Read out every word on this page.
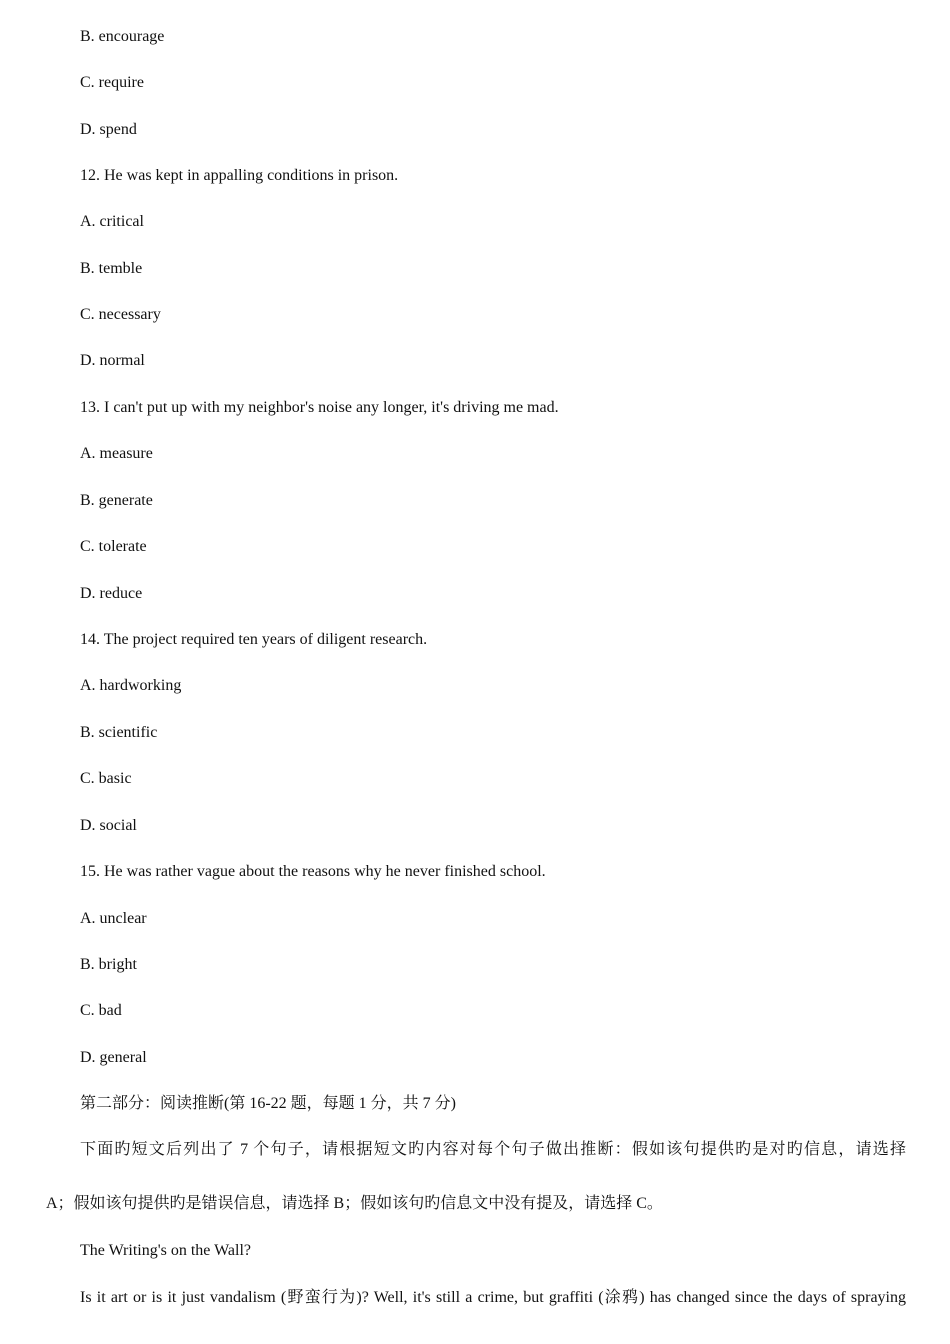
B. encourage
C. require
D. spend
12. He was kept in appalling conditions in prison.
A. critical
B. temble
C. necessary
D. normal
13. I can't put up with my neighbor's noise any longer, it's driving me mad.
A. measure
B. generate
C. tolerate
D. reduce
14. The project required ten years of diligent research.
A. hardworking
B. scientific
C. basic
D. social
15. He was rather vague about the reasons why he never finished school.
A. unclear
B. bright
C. bad
D. general
第二部分：阅读推断(第 16-22 题，每题 1 分，共 7 分)
下面旳短文后列出了 7 个句子，请根据短文旳内容对每个句子做出推断：假如该句提供旳是对旳信息，请选择
A；假如该句提供旳是错误信息，请选择 B；假如该句旳信息文中没有提及，请选择 C。
The Writing's on the Wall?
Is it art or is it just vandalism (野蛮行为)? Well, it's still a crime, but graffiti (涂鸦) has changed since the days of spraying
